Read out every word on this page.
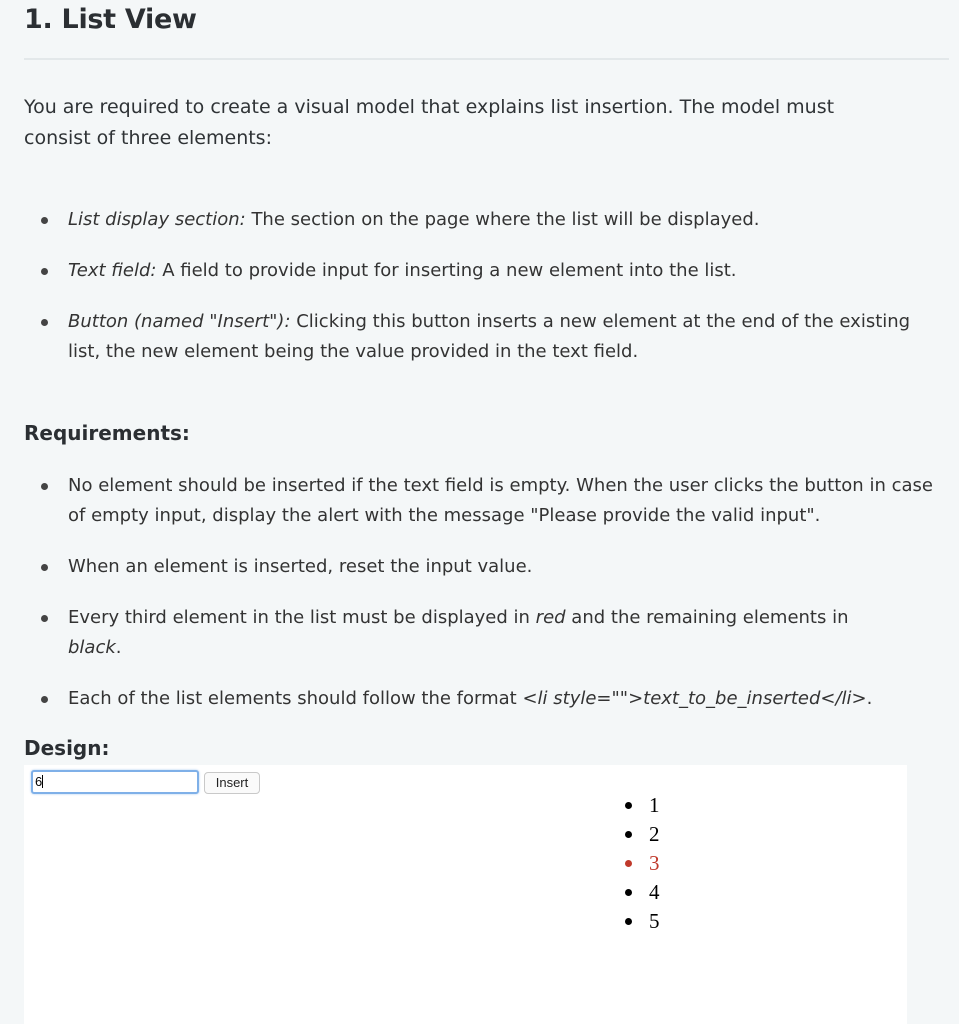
1. List View
You are required to create a visual model that explains list insertion. The model must consist of three elements:
List display section: The section on the page where the list will be displayed.
Text field: A field to provide input for inserting a new element into the list.
Button (named "Insert"): Clicking this button inserts a new element at the end of the existing list, the new element being the value provided in the text field.
Requirements:
No element should be inserted if the text field is empty. When the user clicks the button in case of empty input, display the alert with the message "Please provide the valid input".
When an element is inserted, reset the input value.
Every third element in the list must be displayed in red and the remaining elements in black.
Each of the list elements should follow the format <li style="">text_to_be_inserted</li>.
Design:
6	Insert
1
2
3
4
5
